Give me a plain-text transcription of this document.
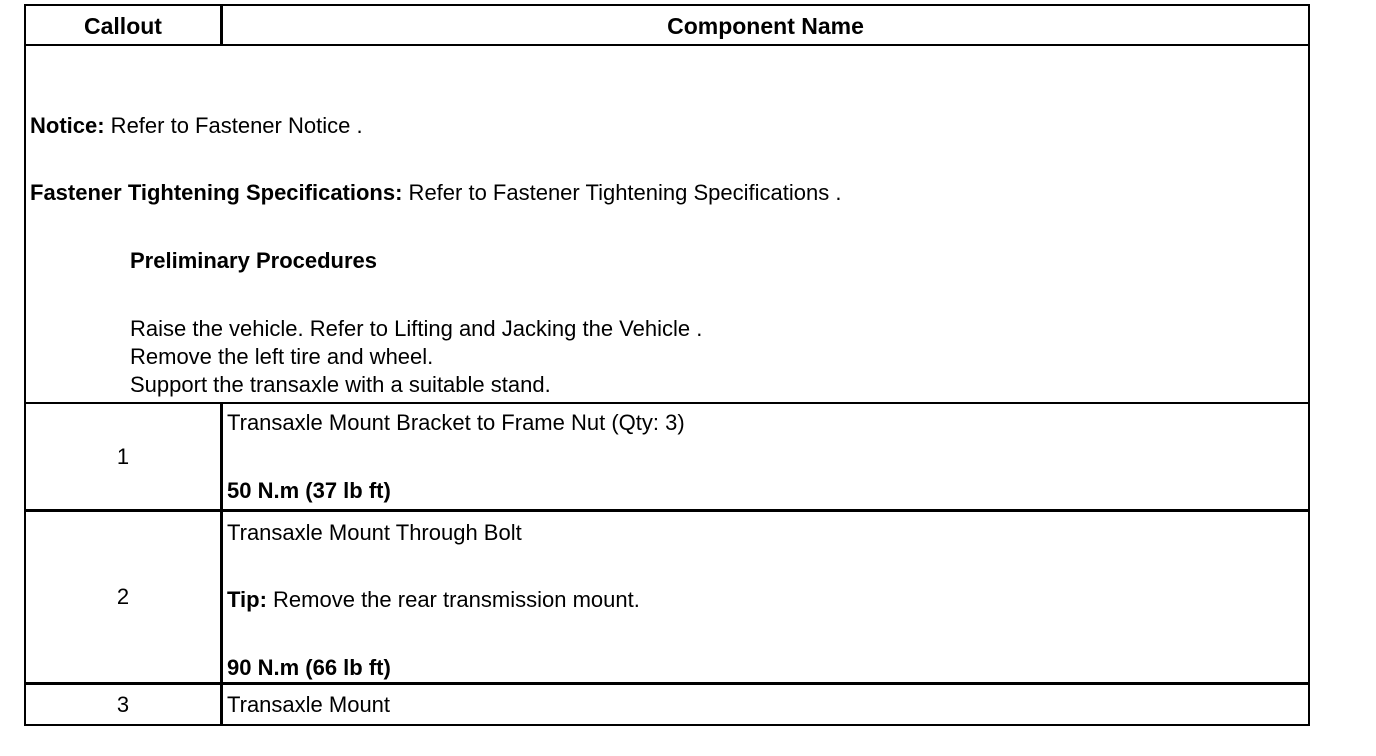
Callout	Component Name
Notice: Refer to Fastener Notice .
Fastener Tightening Specifications: Refer to Fastener Tightening Specifications .
Preliminary Procedures
Raise the vehicle. Refer to Lifting and Jacking the Vehicle .
Remove the left tire and wheel.
Support the transaxle with a suitable stand.
1
Transaxle Mount Bracket to Frame Nut (Qty: 3)
50 N.m (37 lb ft)
2
Transaxle Mount Through Bolt
Tip: Remove the rear transmission mount.
90 N.m (66 lb ft)
3	Transaxle Mount
